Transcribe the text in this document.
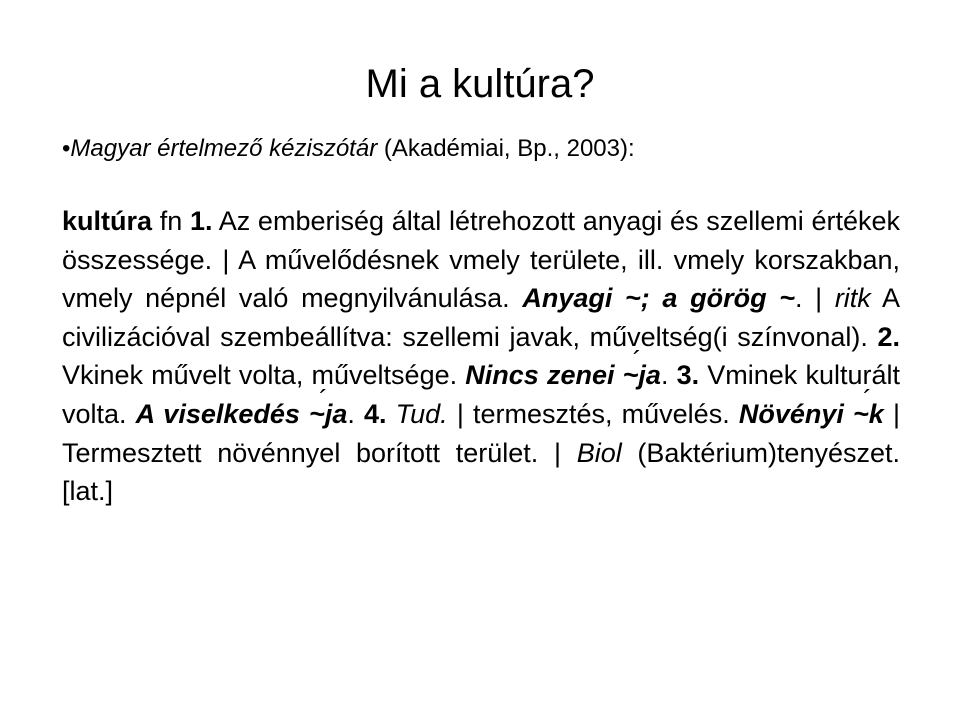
Mi a kultúra?
•Magyar értelmező kéziszótár (Akadémiai, Bp., 2003):

kultúra fn 1. Az emberiség által létrehozott anyagi és szellemi értékek összessége. | A művelődésnek vmely területe, ill. vmely korszakban, vmely népnél való megnyilvánulása. Anyagi ~; a görög ~. | ritk A civilizációval szembeállítva: szellemi javak, műveltség(i színvonal). 2. Vkinek művelt volta, műveltsége. Nincs zenei ´ ~ja. 3. Vminek kulturált volta. A viselkedés ´ ~ja. 4. Tud. | termesztés, művelés. Növényi ´ ~k | Termesztett növénnyel borított terület. | Biol (Baktérium)tenyészet. [lat.]
